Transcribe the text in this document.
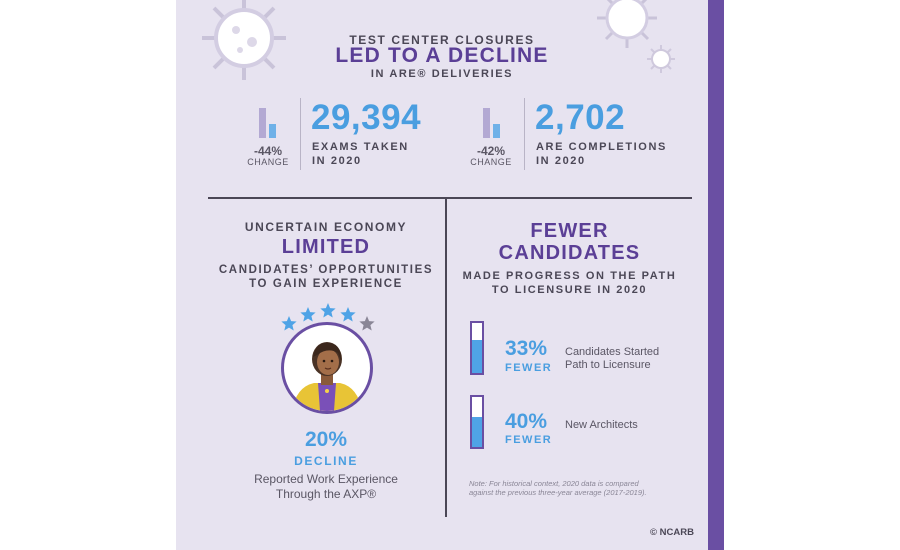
TEST CENTER CLOSURES
LED TO A DECLINE
IN ARE® DELIVERIES
-44%
CHANGE
29,394
EXAMS TAKEN
IN 2020
-42%
CHANGE
2,702
ARE COMPLETIONS
IN 2020
UNCERTAIN ECONOMY
LIMITED
CANDIDATES’ OPPORTUNITIES
TO GAIN EXPERIENCE
20%
DECLINE
Reported Work Experience
Through the AXP®
FEWER
CANDIDATES
MADE PROGRESS ON THE PATH
TO LICENSURE IN 2020
33%
FEWER
Candidates Started
Path to Licensure
40%
FEWER
New Architects
Note: For historical context, 2020 data is compared
against the previous three-year average (2017-2019).
© NCARB
